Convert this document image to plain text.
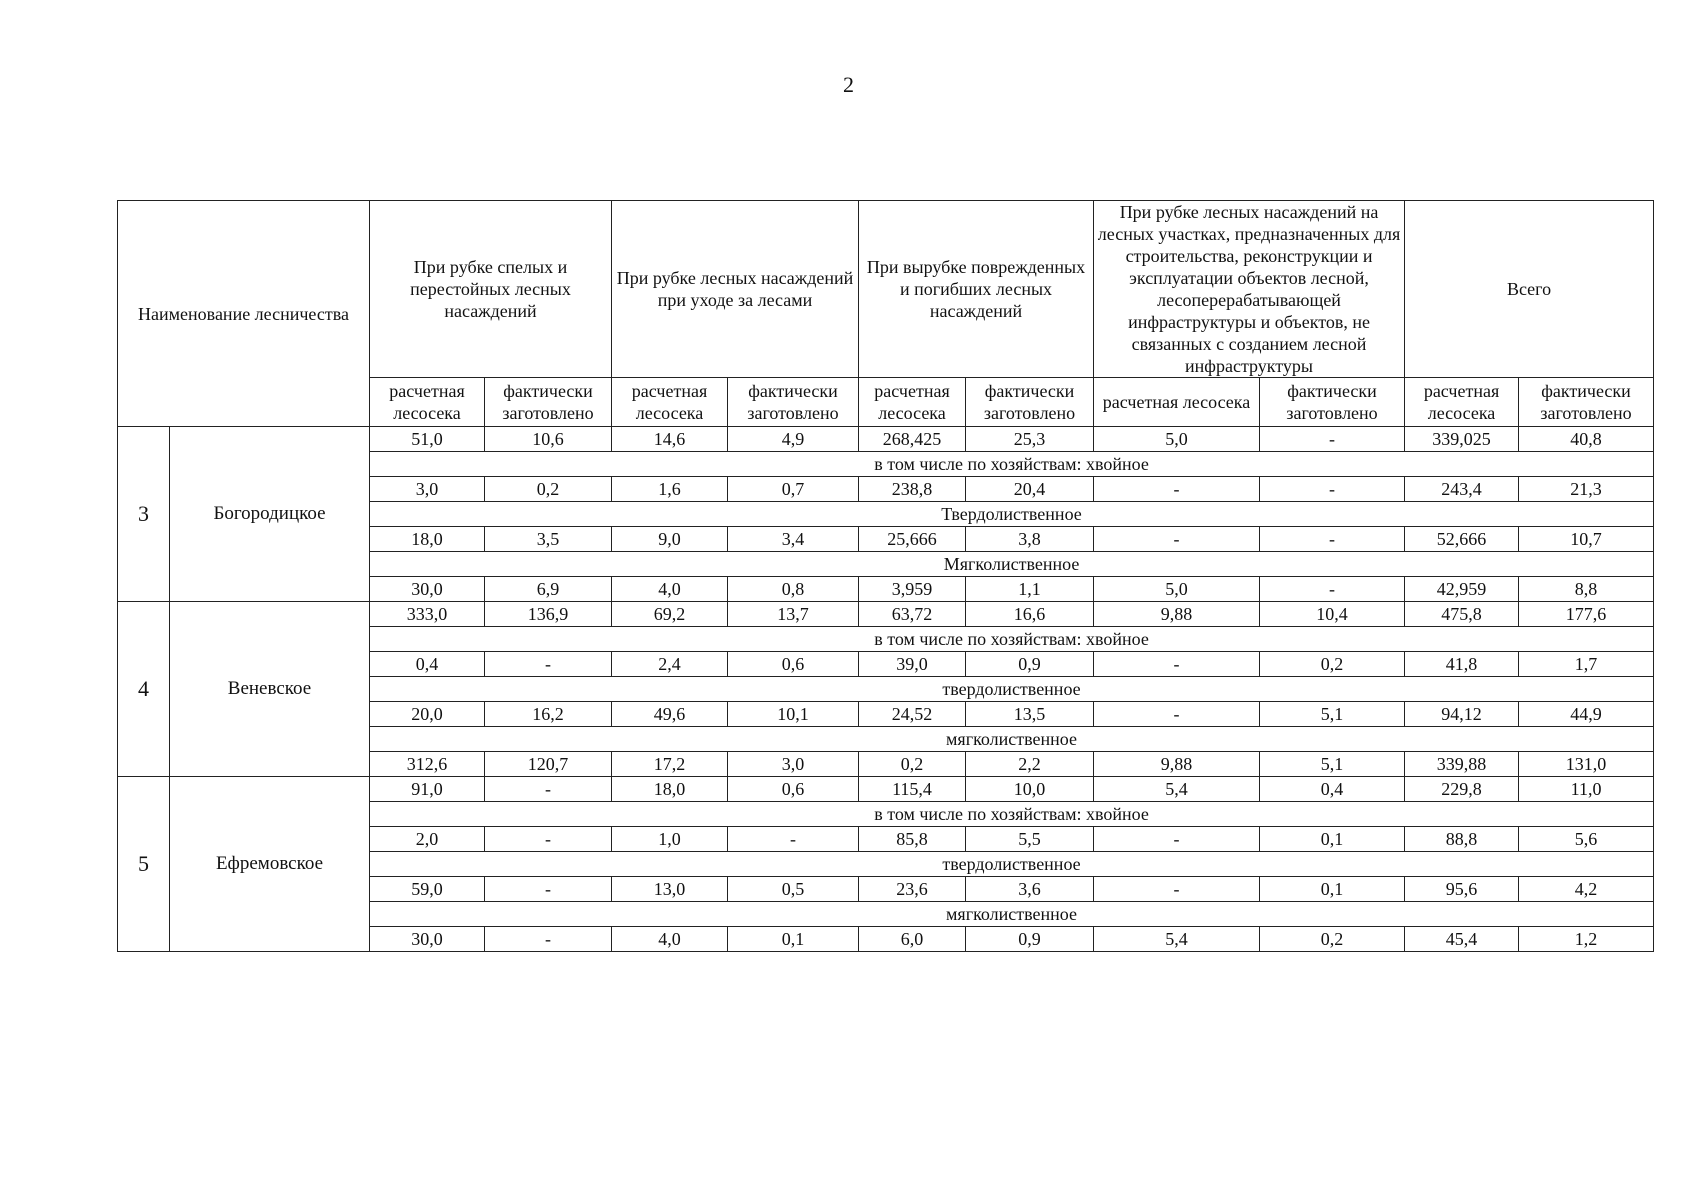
2
Наименование лесничества		При рубке спелых и перестойных лесных насаждений		При рубке лесных насаждений при уходе за лесами		При вырубке поврежденных и погибших лесных насаждений		При рубке лесных насаждений на лесных участках, предназначенных для строительства, реконструкции и эксплуатации объектов лесной, лесоперерабатывающей инфраструктуры и объектов, не связанных с созданием лесной инфраструктуры		Всего	
		расчетная лесосека	фактически заготовлено	расчетная лесосека	фактически заготовлено	расчетная лесосека	фактически заготовлено	расчетная лесосека	фактически заготовлено	расчетная лесосека	фактически заготовлено
3	Богородицкое	51,0	10,6	14,6	4,9	268,425	25,3	5,0	-	339,025	40,8
		в том числе по хозяйствам: хвойное									
		3,0	0,2	1,6	0,7	238,8	20,4	-	-	243,4	21,3
		Твердолиственное									
		18,0	3,5	9,0	3,4	25,666	3,8	-	-	52,666	10,7
		Мягколиственное									
		30,0	6,9	4,0	0,8	3,959	1,1	5,0	-	42,959	8,8
4	Веневское	333,0	136,9	69,2	13,7	63,72	16,6	9,88	10,4	475,8	177,6
		в том числе по хозяйствам: хвойное									
		0,4	-	2,4	0,6	39,0	0,9	-	0,2	41,8	1,7
		твердолиственное									
		20,0	16,2	49,6	10,1	24,52	13,5	-	5,1	94,12	44,9
		мягколиственное									
		312,6	120,7	17,2	3,0	0,2	2,2	9,88	5,1	339,88	131,0
5	Ефремовское	91,0	-	18,0	0,6	115,4	10,0	5,4	0,4	229,8	11,0
		в том числе по хозяйствам: хвойное									
		2,0	-	1,0	-	85,8	5,5	-	0,1	88,8	5,6
		твердолиственное									
		59,0	-	13,0	0,5	23,6	3,6	-	0,1	95,6	4,2
		мягколиственное									
		30,0	-	4,0	0,1	6,0	0,9	5,4	0,2	45,4	1,2
